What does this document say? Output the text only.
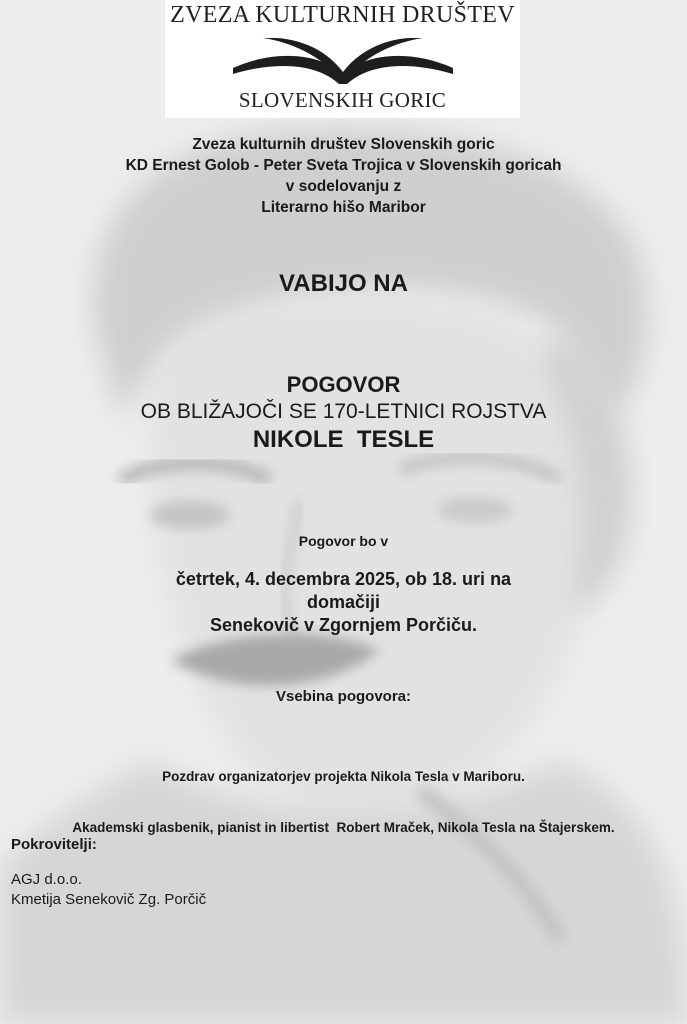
ZVEZA KULTURNIH DRUŠTEV
SLOVENSKIH GORIC
Zveza kulturnih društev Slovenskih goric
KD Ernest Golob - Peter Sveta Trojica v Slovenskih goricah
v sodelovanju z
Literarno hišo Maribor
VABIJO NA
POGOVOR
OB BLIŽAJOČI SE 170-LETNICI ROJSTVA
NIKOLE  TESLE
Pogovor bo v
četrtek, 4. decembra 2025, ob 18. uri na
domačiji
Senekovič v Zgornjem Porčiču.
Vsebina pogovora:

Pozdrav organizatorjev projekta Nikola Tesla v Mariboru.

Akademski glasbenik, pianist in libertist  Robert Mraček, Nikola Tesla na Štajerskem.

Pokrovitelji:
AGJ d.o.o.
Kmetija Senekovič Zg. Porčič
